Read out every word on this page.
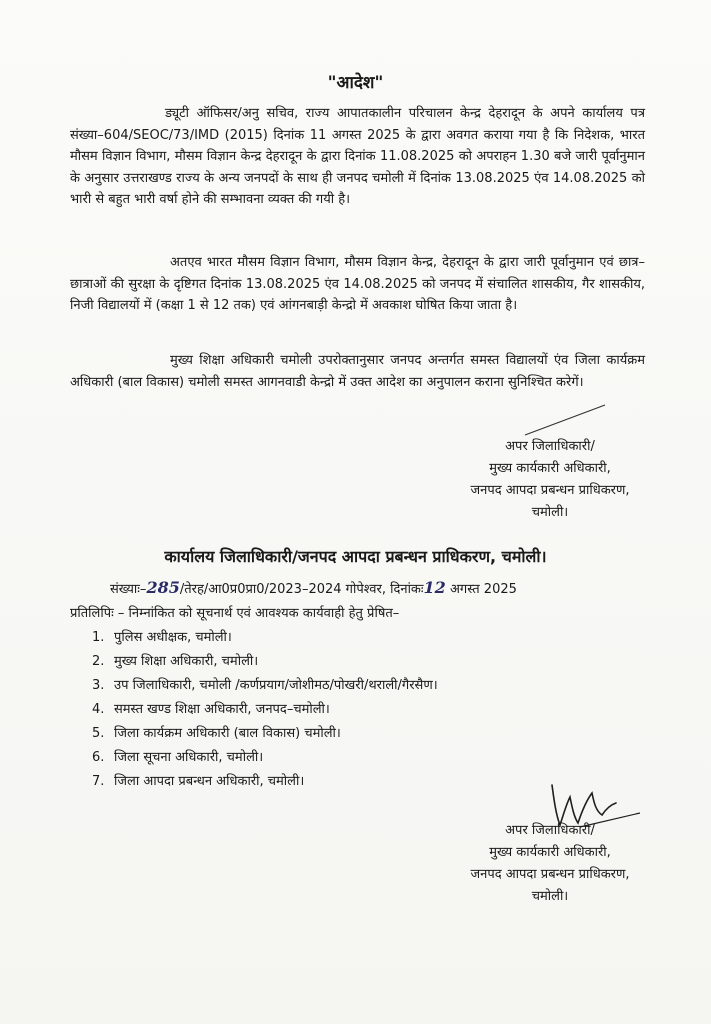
"आदेश"

ड्यूटी ऑफिसर/अनु सचिव, राज्य आपातकालीन परिचालन केन्द्र देहरादून के अपने कार्यालय पत्र संख्या–604/SEOC/73/IMD (2015) दिनांक 11 अगस्त 2025 के द्वारा अवगत कराया गया है कि निदेशक, भारत मौसम विज्ञान विभाग, मौसम विज्ञान केन्द्र देहरादून के द्वारा दिनांक 11.08.2025 को अपराहन 1.30 बजे जारी पूर्वानुमान के अनुसार उत्तराखण्ड राज्य के अन्य जनपदों के साथ ही जनपद चमोली में दिनांक 13.08.2025 एंव 14.08.2025 को भारी से बहुत भारी वर्षा होने की सम्भावना व्यक्त की गयी है।

अतएव भारत मौसम विज्ञान विभाग, मौसम विज्ञान केन्द्र, देहरादून के द्वारा जारी पूर्वानुमान एवं छात्र–छात्राओं की सुरक्षा के दृष्टिगत दिनांक 13.08.2025 एंव 14.08.2025 को जनपद में संचालित शासकीय, गैर शासकीय, निजी विद्यालयों में (कक्षा 1 से 12 तक) एवं आंगनबाड़ी केन्द्रो में अवकाश घोषित किया जाता है।

मुख्य शिक्षा अधिकारी चमोली उपरोक्तानुसार जनपद अन्तर्गत समस्त विद्यालयों एंव जिला कार्यक्रम अधिकारी (बाल विकास) चमोली समस्त आगनवाडी केन्द्रो में उक्त आदेश का अनुपालन कराना सुनिश्चित करेगें।

अपर जिलाधिकारी/
मुख्य कार्यकारी अधिकारी,
जनपद आपदा प्रबन्धन प्राधिकरण,
चमोली।
कार्यालय जिलाधिकारी/जनपद आपदा प्रबन्धन प्राधिकरण, चमोली।
संख्याः–285/तेरह/आ0प्र0प्रा0/2023–2024 गोपेश्वर, दिनांकः12 अगस्त 2025
प्रतिलिपिः – निम्नांकित को सूचनार्थ एवं आवश्यक कार्यवाही हेतु प्रेषित–
1. पुलिस अधीक्षक, चमोली।
2. मुख्य शिक्षा अधिकारी, चमोली।
3. उप जिलाधिकारी, चमोली /कर्णप्रयाग/जोशीमठ/पोखरी/थराली/गैरसैण।
4. समस्त खण्ड शिक्षा अधिकारी, जनपद–चमोली।
5. जिला कार्यक्रम अधिकारी (बाल विकास) चमोली।
6. जिला सूचना अधिकारी, चमोली।
7. जिला आपदा प्रबन्धन अधिकारी, चमोली।
अपर जिलाधिकारी/
मुख्य कार्यकारी अधिकारी,
जनपद आपदा प्रबन्धन प्राधिकरण,
चमोली।
